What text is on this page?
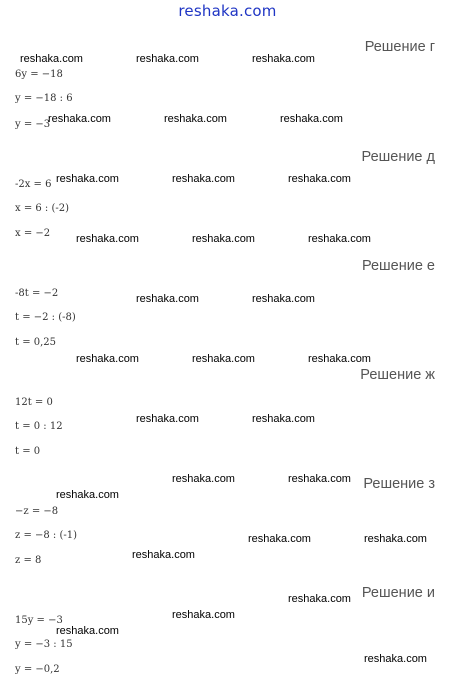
reshaka.com
Решение г
6y = −18
y = −18 : 6
y = −3
Решение д
-2x = 6
x = 6 : (-2)
x = −2
Решение е
-8t = −2
t = −2 : (-8)
t = 0,25
Решение ж
12t = 0
t = 0 : 12
t = 0
Решение з
−z = −8
z = −8 : (-1)
z = 8
Решение и
15y = −3
y = −3 : 15
y = −0,2
reshaka.com	reshaka.com	reshaka.com
reshaka.com	reshaka.com	reshaka.com
reshaka.com	reshaka.com	reshaka.com
reshaka.com	reshaka.com	reshaka.com
reshaka.com	reshaka.com
reshaka.com	reshaka.com	reshaka.com
reshaka.com	reshaka.com
reshaka.com	reshaka.com
reshaka.com
reshaka.com	reshaka.com
reshaka.com
reshaka.com
reshaka.com
reshaka.com
reshaka.com
